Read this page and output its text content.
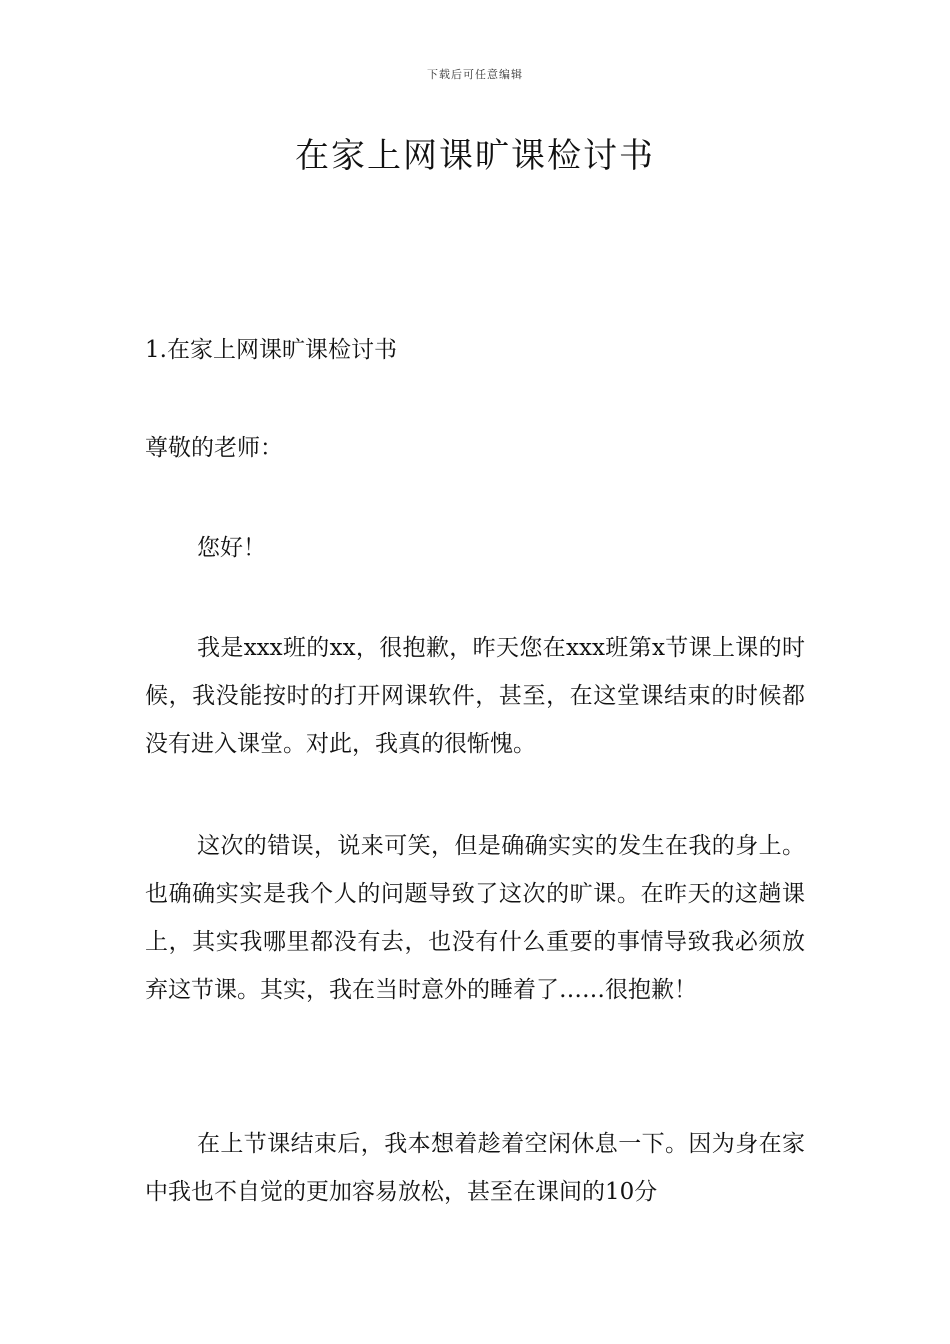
下载后可任意编辑
在家上网课旷课检讨书

1.在家上网课旷课检讨书

尊敬的老师：

您好！

我是xxx班的xx，很抱歉，昨天您在xxx班第x节课上课的时候，我没能按时的打开网课软件，甚至，在这堂课结束的时候都没有进入课堂。对此，我真的很惭愧。

这次的错误，说来可笑，但是确确实实的发生在我的身上。也确确实实是我个人的问题导致了这次的旷课。在昨天的这趟课上，其实我哪里都没有去，也没有什么重要的事情导致我必须放弃这节课。其实，我在当时意外的睡着了……很抱歉！

在上节课结束后，我本想着趁着空闲休息一下。因为身在家中我也不自觉的更加容易放松，甚至在课间的10分
